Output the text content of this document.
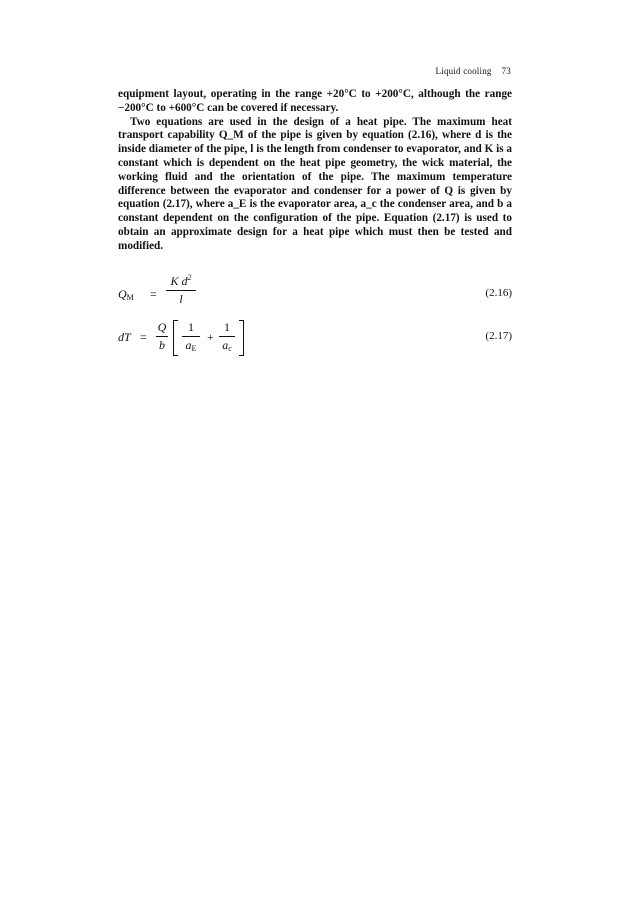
Liquid cooling 73

equipment layout, operating in the range +20°C to +200°C, although the range −200°C to +600°C can be covered if necessary.

Two equations are used in the design of a heat pipe. The maximum heat transport capability Q_M of the pipe is given by equation (2.16), where d is the inside diameter of the pipe, l is the length from condenser to evaporator, and K is a constant which is dependent on the heat pipe geometry, the wick material, the working fluid and the orientation of the pipe. The maximum temperature difference between the evaporator and condenser for a power of Q is given by equation (2.17), where a_E is the evaporator area, a_c the condenser area, and b a constant dependent on the configuration of the pipe. Equation (2.17) is used to obtain an approximate design for a heat pipe which must then be tested and modified.

$Q_M$ =
K $d^2$
l	(2.16)
dT =
Q
b
1
$a_E$
+
1
$a_c$
(2.17)
